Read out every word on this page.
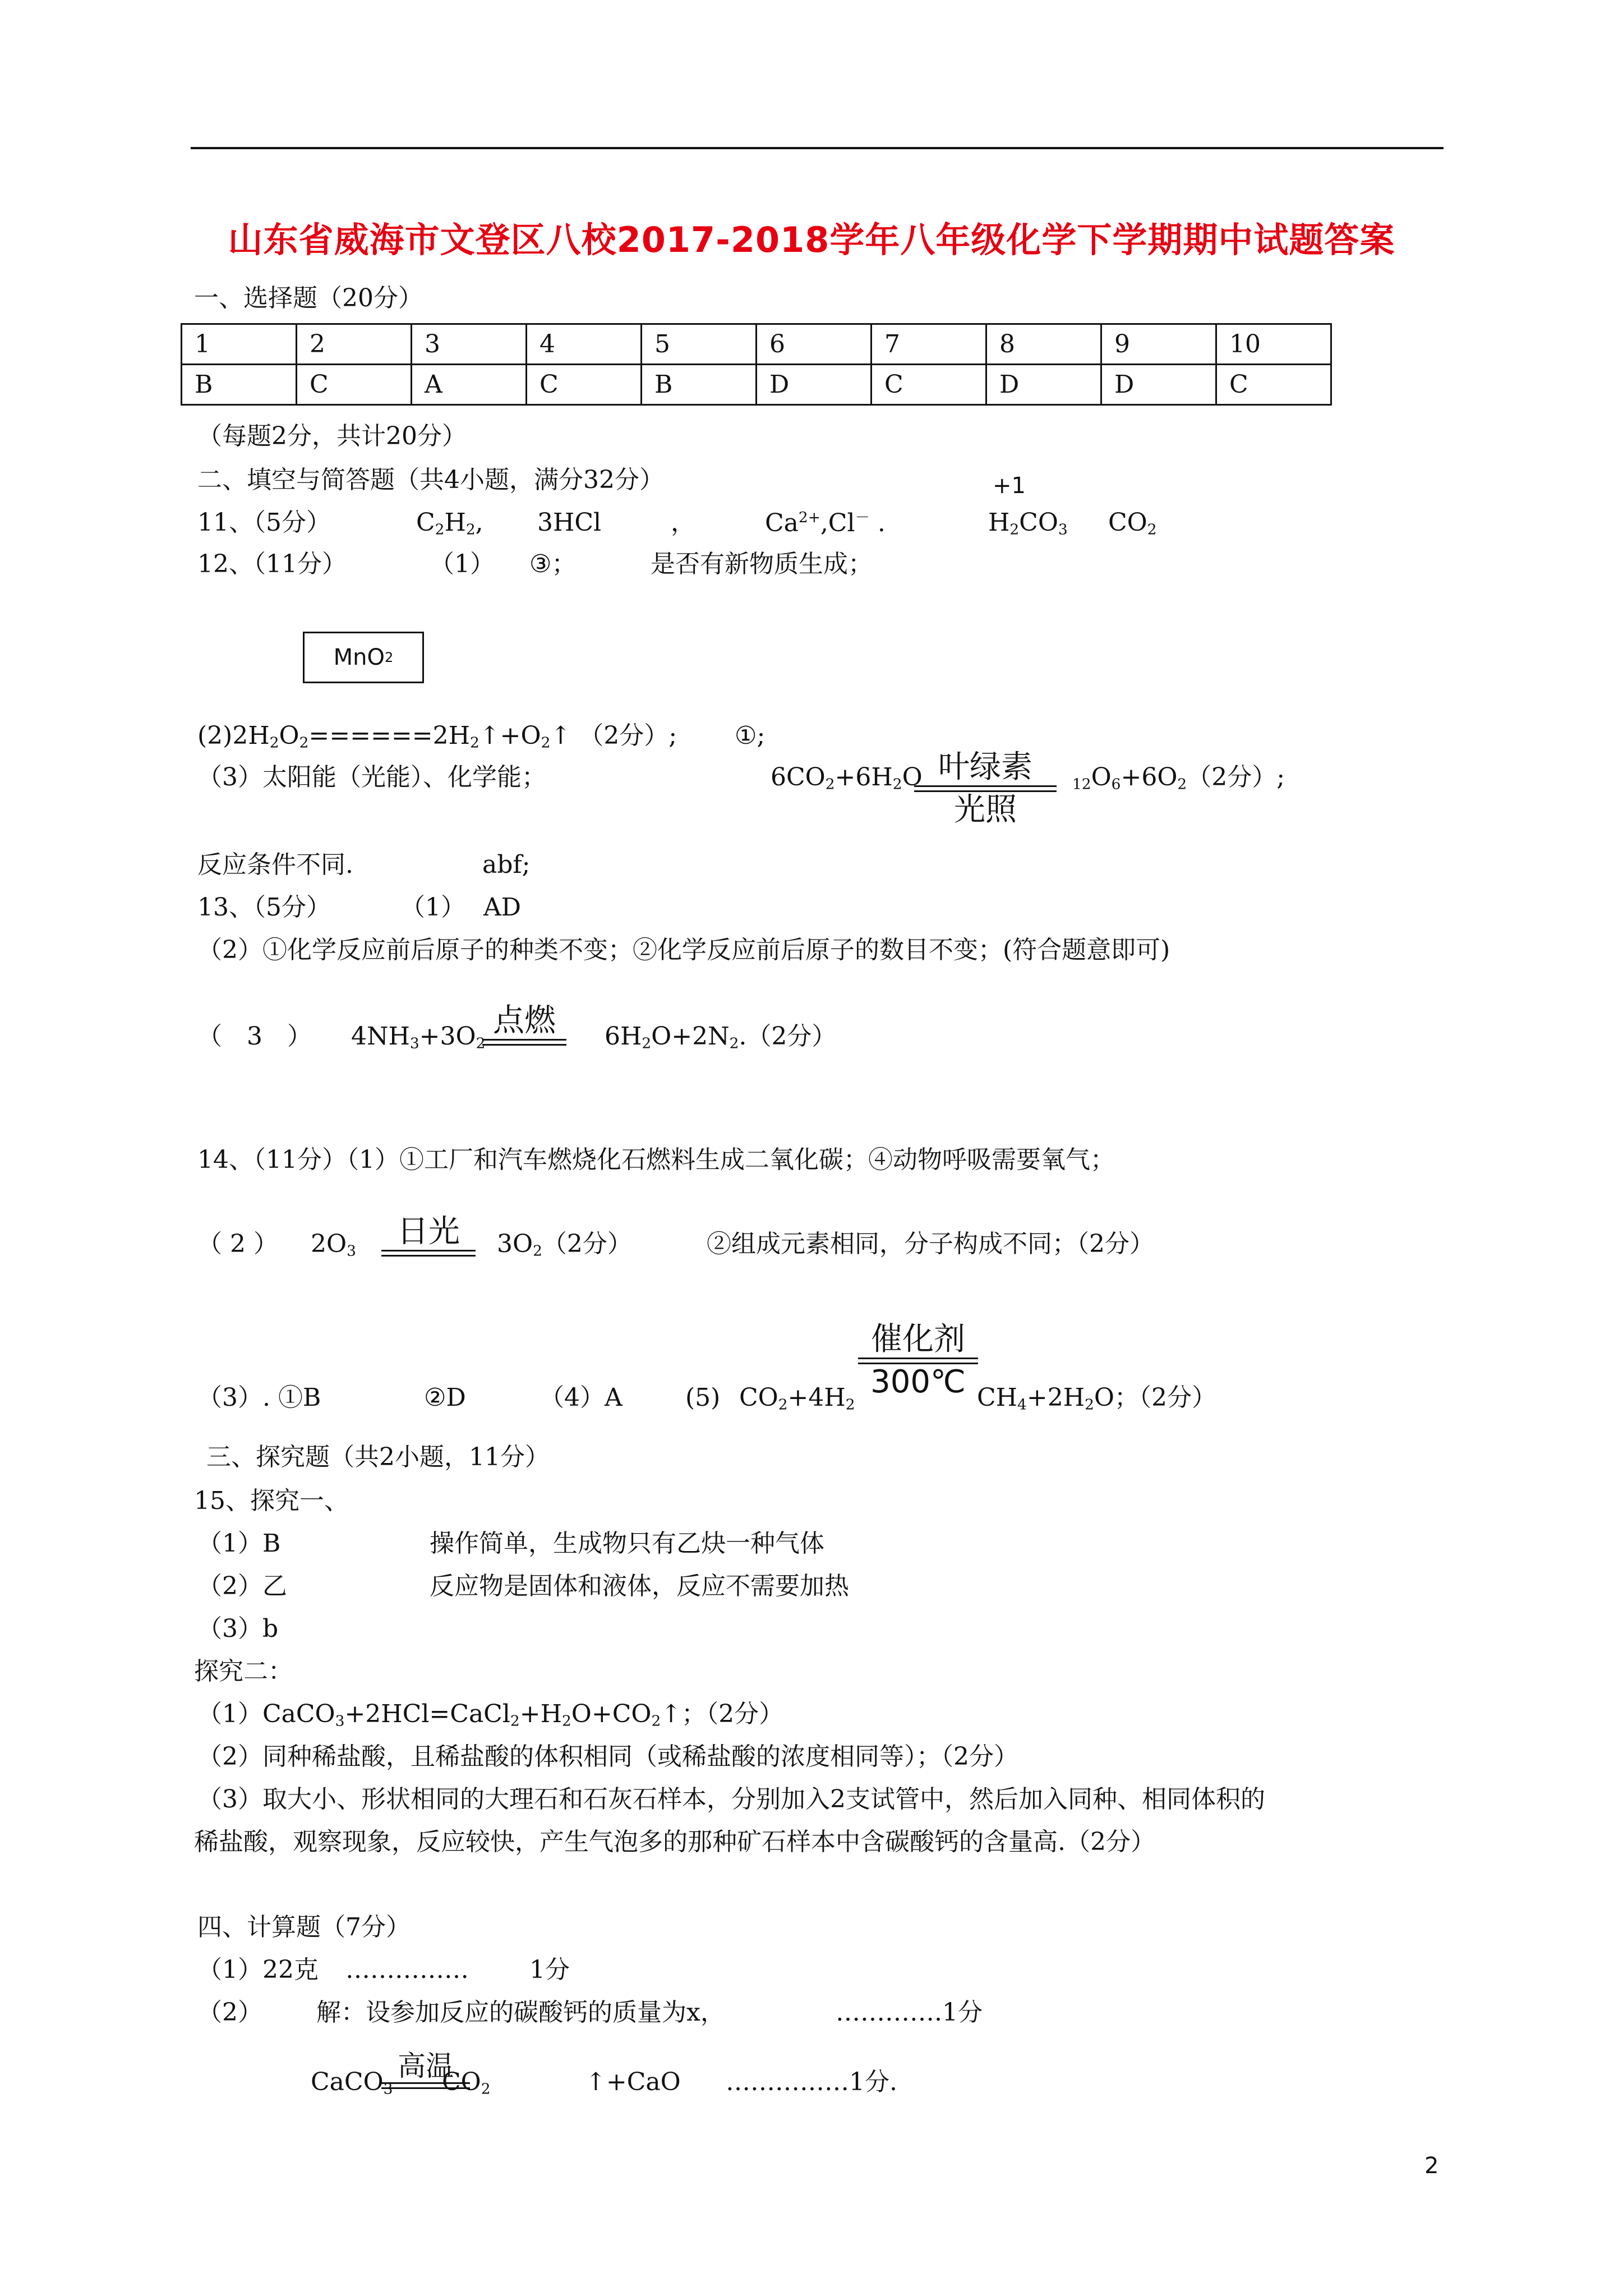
山东省威海市文登区八校2017-2018学年八年级化学下学期期中试题答案
一、选择题（20分）
1	2	3	4	5	6	7	8	9	10
B	C	A	C	B	D	C	D	D	C
（每题2分，共计20分）
二、填空与简答题（共4小题，满分32分）	+1
11、（5分）	$C_2H_2$, 3HCl	，	$Ca^{2+},Cl^-$ .	$H_2CO_3$ $CO_2$
12、（11分）	（1） ③；	是否有新物质生成；
MnO 2
$(2)2H_2O_2======2H_2↑+O_2↑$ （2分）; ①;
（3）太阳能（光能）、化学能；	$6CO_2+6H_2O$ 叶绿素
光照
$_{12}O_6+6O_2(2$分）;
反应条件不同.	abf;
13、（5分）	（1） AD
（2）①化学反应前后原子的种类不变；②化学反应前后原子的数目不变；(符合题意即可)
（　3　） $4NH_3+3O_2$
点燃	$6H_2O+2N_2.(2$分）
14、（11分）（1）①工厂和汽车燃烧化石燃料生成二氧化碳；④动物呼吸需要氧气；
（ 2 ） $2O_3$
日光	$3O_2(2$分）	②组成元素相同，分子构成不同；（2分）
催化剂
300℃
（3）. ①B	②D	（4）A	(5) $CO_2+4H_2$	$CH_4+2H_2O$；（2分）
三、探究题（共2小题，11分）
15、探究一、
（1）B	操作简单，生成物只有乙炔一种气体
（2）乙	反应物是固体和液体，反应不需要加热
（3）b
探究二：
$(1)CaCO_3+2HCl=CaCl_2+H_2O+CO_2↑$；（2分）
（2）同种稀盐酸，且稀盐酸的体积相同（或稀盐酸的浓度相同等）；（2分）
（3）取大小、形状相同的大理石和石灰石样本，分别加入2支试管中，然后加入同种、相同体积的
稀盐酸，观察现象，反应较快，产生气泡多的那种矿石样本中含碳酸钙的含量高.（2分）
四、计算题（7分）
（1）22克 …………… 1分
（2） 解：设参加反应的碳酸钙的质量为x，	………….1分
CaCO$_3$
高温
$CO_2$	↑+CaO ……………1分.
2
